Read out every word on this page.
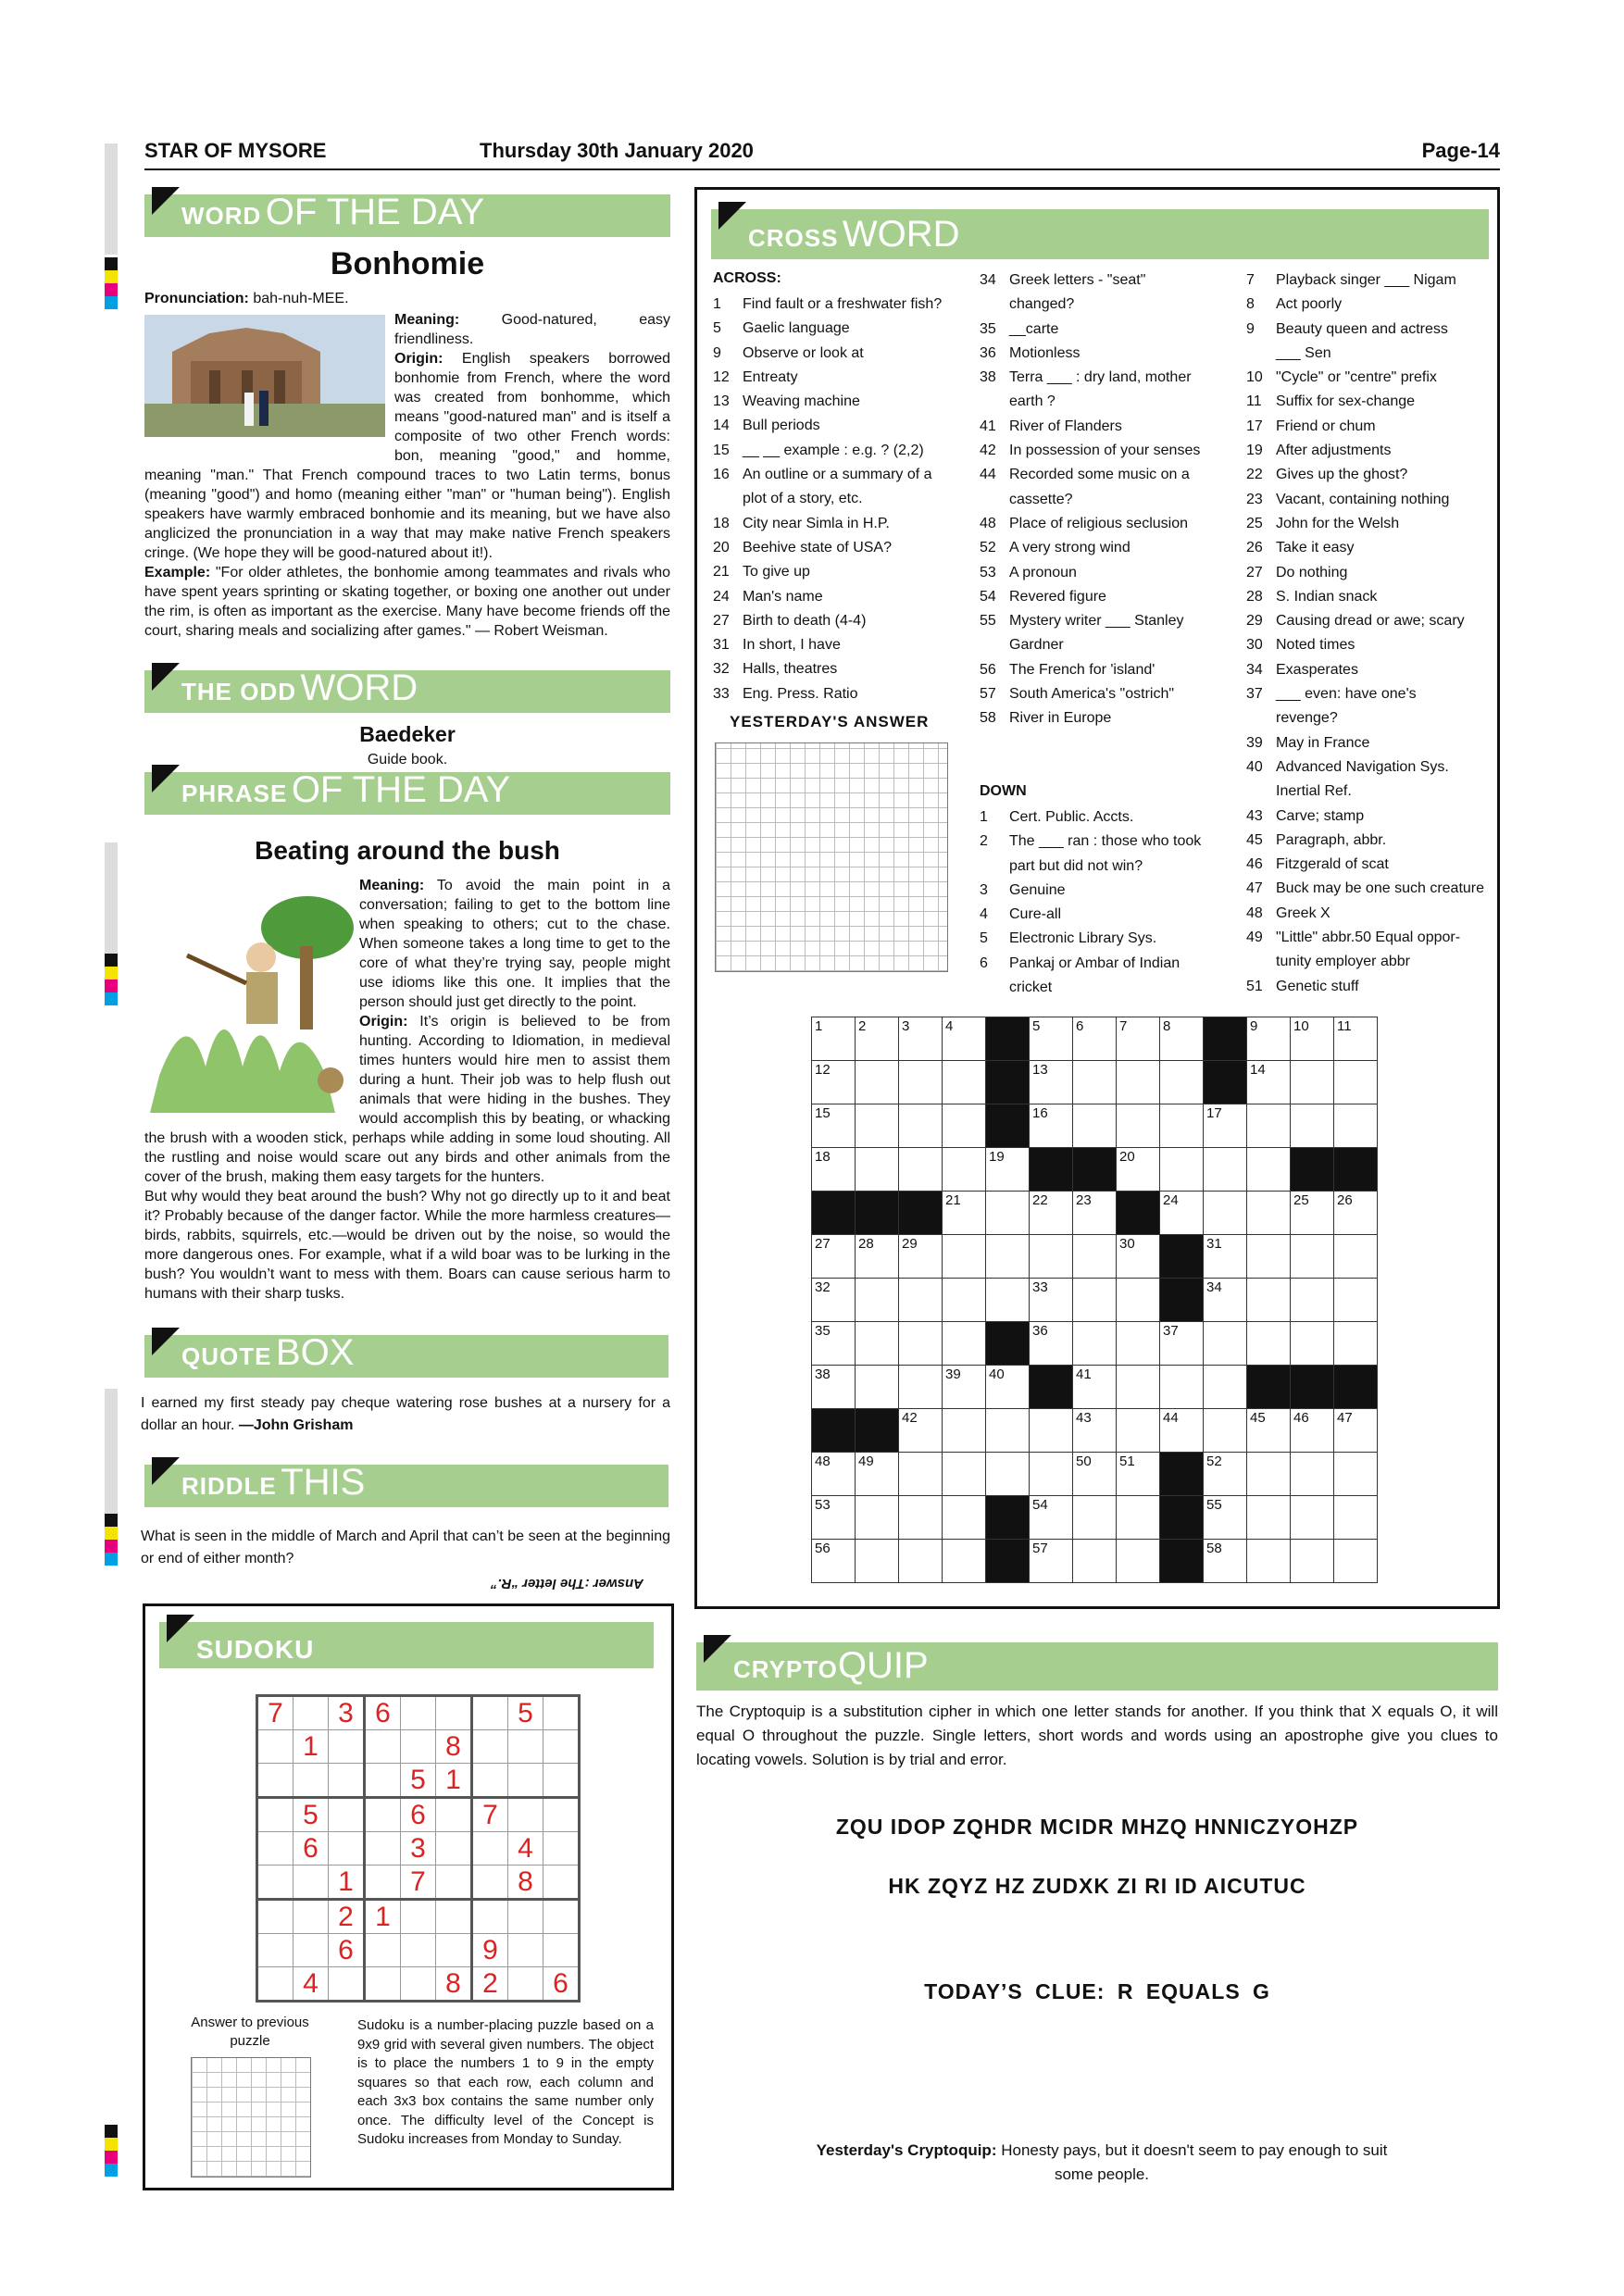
STAR OF MYSORE	Thursday 30th January 2020	Page-14
WORD OF THE DAY
Bonhomie
Pronunciation: bah-nuh-MEE.
Meaning:	Good-natured, easy friendliness.
Origin: English speakers borrowed bonhomie from French, where the word was created from bonhomme, which means "good-natured man" and is itself a composite of two other French words: bon, meaning "good," and homme, meaning "man." That French compound traces to two Latin terms, bonus (meaning "good") and homo (meaning either "man" or "human being"). English speakers have warmly embraced bonhomie and its meaning, but we have also anglicized the pronunciation in a way that may make native French speakers cringe. (We hope they will be good-natured about it!).
Example: "For older athletes, the bonhomie among teammates and rivals who have spent years sprinting or skating together, or boxing one another out under the rim, is often as important as the exercise. Many have become friends off the court, sharing meals and socializing after games." — Robert Weisman.
THE ODD WORD
Baedeker
Guide book.
PHRASE OF THE DAY
Beating around the bush
Meaning: To avoid the main point in a conversation; failing to get to the bottom line when speaking to others; cut to the chase. When someone takes a long time to get to the core of what they’re trying say, people might use idioms like this one. It implies that the person should just get directly to the point.
Origin: It’s origin is believed to be from hunting. According to Idiomation, in medieval times hunters would hire men to assist them during a hunt. Their job was to help flush out animals that were hiding in the bushes. They would accomplish this by beating, or whacking the brush with a wooden stick, perhaps while adding in some loud shouting. All the rustling and noise would scare out any birds and other animals from the cover of the brush, making them easy targets for the hunters.
But why would they beat around the bush? Why not go directly up to it and beat it? Probably because of the danger factor. While the more harmless creatures—birds, rabbits, squirrels, etc.—would be driven out by the noise, so would the more dangerous ones. For example, what if a wild boar was to be lurking in the bush? You wouldn’t want to mess with them. Boars can cause serious harm to humans with their sharp tusks.
QUOTE BOX
I earned my first steady pay cheque watering rose bushes at a nursery for a dollar an hour. —John Grisham
RIDDLE THIS
What is seen in the middle of March and April that can’t be seen at the beginning or end of either month?
Answer :The letter “R.”
SUDOKU
7		3	6				5	
	1				8			
				5	1			
	5			6		7		
	6			3			4	
		1		7			8	
		2	1					
		6				9		
	4				8	2		6
Answer to previous puzzle
Sudoku is a number-placing puzzle based on a 9x9 grid with several given numbers. The object is to place the numbers 1 to 9 in the empty squares so that each row, each column and each 3x3 box contains the same number only once. The difficulty level of the Concept is Sudoku increases from Monday to Sunday.
CROSS WORD
ACROSS:
1 Find fault or a freshwater fish?
5 Gaelic language
9 Observe or look at
12 Entreaty
13 Weaving machine
14 Bull periods
15 __ __ example : e.g. ? (2,2)
16 An outline or a summary of a
plot of a story, etc.
18 City near Simla in H.P.
20 Beehive state of USA?
21 To give up
24 Man's name
27 Birth to death (4-4)
31 In short, I have
32 Halls, theatres
33 Eng. Press. Ratio
YESTERDAY'S ANSWER
34 Greek letters - "seat"
changed?
35 __carte
36 Motionless
38 Terra ___ : dry land, mother
earth ?
41 River of Flanders
42 In possession of your senses
44 Recorded some music on a
cassette?
48 Place of religious seclusion
52 A very strong wind
53 A pronoun
54 Revered figure
55 Mystery writer ___ Stanley
Gardner
56 The French for 'island'
57 South America's "ostrich"
58 River in Europe
DOWN
1 Cert. Public. Accts.
2 The ___ ran : those who took
part but did not win?
3 Genuine
4 Cure-all
5 Electronic Library Sys.
6 Pankaj or Ambar of Indian
cricket
7 Playback singer ___ Nigam
8 Act poorly
9 Beauty queen and actress
___ Sen
10 "Cycle" or "centre" prefix
11 Suffix for sex-change
17 Friend or chum
19 After adjustments
22 Gives up the ghost?
23 Vacant, containing nothing
25 John for the Welsh
26 Take it easy
27 Do nothing
28 S. Indian snack
29 Causing dread or awe; scary
30 Noted times
34 Exasperates
37 ___ even: have one's
revenge?
39 May in France
40 Advanced Navigation Sys.
Inertial Ref.
43 Carve; stamp
45 Paragraph, abbr.
46 Fitzgerald of scat
47 Buck may be one such creature
48 Greek X
49 "Little" abbr.50 Equal oppor-
tunity employer abbr
51 Genetic stuff
1	2	3	4		5	6	7	8		9	10	11

12					13					14		

15					16				17			

18				19			20					

			21		22	23		24			25	26

27	28	29					30		31			

32					33				34			

35					36			37				

38			39	40		41						

		42				43		44		45	46	47

48	49					50	51		52			

53					54				55			

56					57				58			

CRYPTOQUIP
The Cryptoquip is a substitution cipher in which one letter stands for another. If you think that X equals O, it will equal O throughout the puzzle. Single letters, short words and words using an apostrophe give you clues to locating vowels. Solution is by trial and error.
ZQU IDOP ZQHDR MCIDR MHZQ HNNICZYOHZP
HK ZQYZ HZ ZUDXK ZI RI ID AICUTUC
TODAY’S CLUE: R EQUALS G
Yesterday's Cryptoquip: Honesty pays, but it doesn't seem to pay enough to suit some people.
